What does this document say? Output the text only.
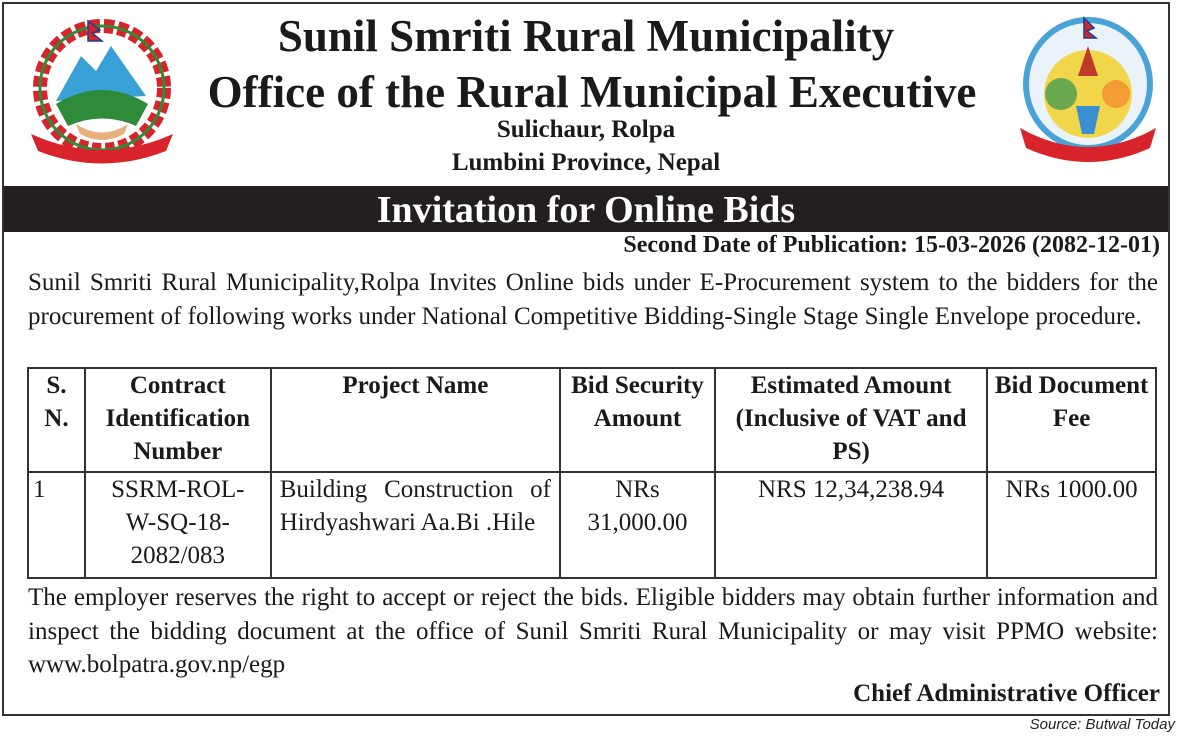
Sunil Smriti Rural Municipality
Office of the Rural Municipal Executive
Sulichaur, Rolpa
Lumbini Province, Nepal
Invitation for Online Bids
Second Date of Publication: 15-03-2026 (2082-12-01)
Sunil Smriti Rural Municipality,Rolpa Invites Online bids under E-Procurement system to the bidders for the procurement of following works under National Competitive Bidding-Single Stage Single Envelope procedure.
S. N.	Contract Identification Number	Project Name	Bid Security Amount	Estimated Amount (Inclusive of VAT and PS)	Bid Document Fee
1	SSRM-ROL-W-SQ-18-2082/083	Building Construction of Hirdyashwari Aa.Bi .Hile	NRs 31,000.00	NRS 12,34,238.94	NRs 1000.00
The employer reserves the right to accept or reject the bids. Eligible bidders may obtain further information and inspect the bidding document at the office of Sunil Smriti Rural Municipality or may visit PPMO website: www.bolpatra.gov.np/egp
Chief Administrative Officer
Source: Butwal Today
